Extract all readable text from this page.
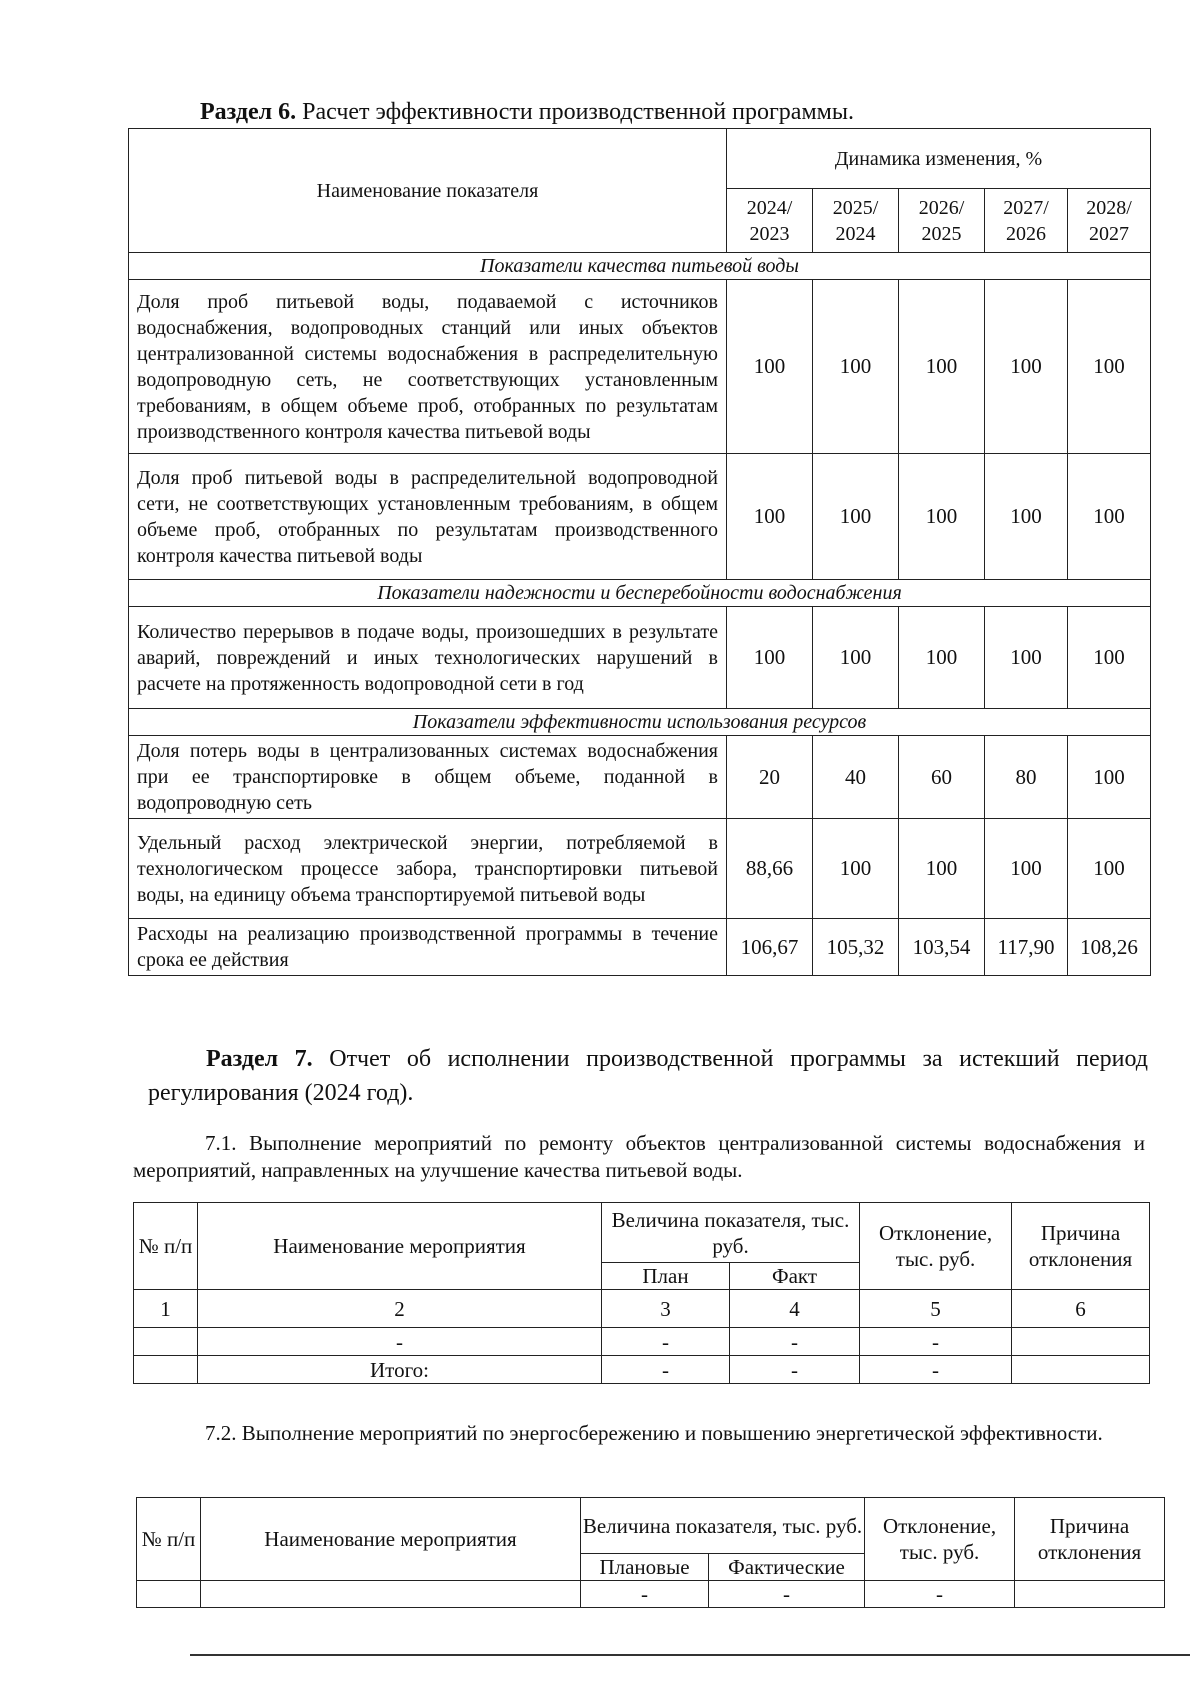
Раздел 6. Расчет эффективности производственной программы.
Наименование показателя	Динамика изменения, %				
	2024/ 2023	2025/ 2024	2026/ 2025	2027/ 2026	2028/ 2027
Показатели качества питьевой воды					
Доля проб питьевой воды, подаваемой с источников водоснабжения, водопроводных станций или иных объектов централизованной системы водоснабжения в распределительную водопроводную сеть, не соответствующих установленным требованиям, в общем объеме проб, отобранных по результатам производственного контроля качества питьевой воды	100	100	100	100	100
Доля проб питьевой воды в распределительной водопроводной сети, не соответствующих установленным требованиям, в общем объеме проб, отобранных по результатам производственного контроля качества питьевой воды	100	100	100	100	100
Показатели надежности и бесперебойности водоснабжения					
Количество перерывов в подаче воды, произошедших в результате аварий, повреждений и иных технологических нарушений в расчете на протяженность водопроводной сети в год	100	100	100	100	100
Показатели эффективности использования ресурсов					
Доля потерь воды в централизованных системах водоснабжения при ее транспортировке в общем объеме, поданной в водопроводную сеть	20	40	60	80	100
Удельный расход электрической энергии, потребляемой в технологическом процессе забора, транспортировки питьевой воды, на единицу объема транспортируемой питьевой воды	88,66	100	100	100	100
Расходы на реализацию производственной программы в течение срока ее действия	106,67	105,32	103,54	117,90	108,26
Раздел 7. Отчет об исполнении производственной программы за истекший период регулирования (2024 год).
7.1. Выполнение мероприятий по ремонту объектов централизованной системы водоснабжения и мероприятий, направленных на улучшение качества питьевой воды.
№ п/п	Наименование мероприятия	Величина показателя, тыс. руб.		Отклонение, тыс. руб.	Причина отклонения
		План	Факт		
1	2	3	4	5	6
	-	-	-	-	
	Итого:	-	-	-	
7.2. Выполнение мероприятий по энергосбережению и повышению энергетической эффективности.
№ п/п	Наименование мероприятия	Величина показателя, тыс. руб.		Отклонение, тыс. руб.	Причина отклонения
		Плановые	Фактические		
		-	-	-	
